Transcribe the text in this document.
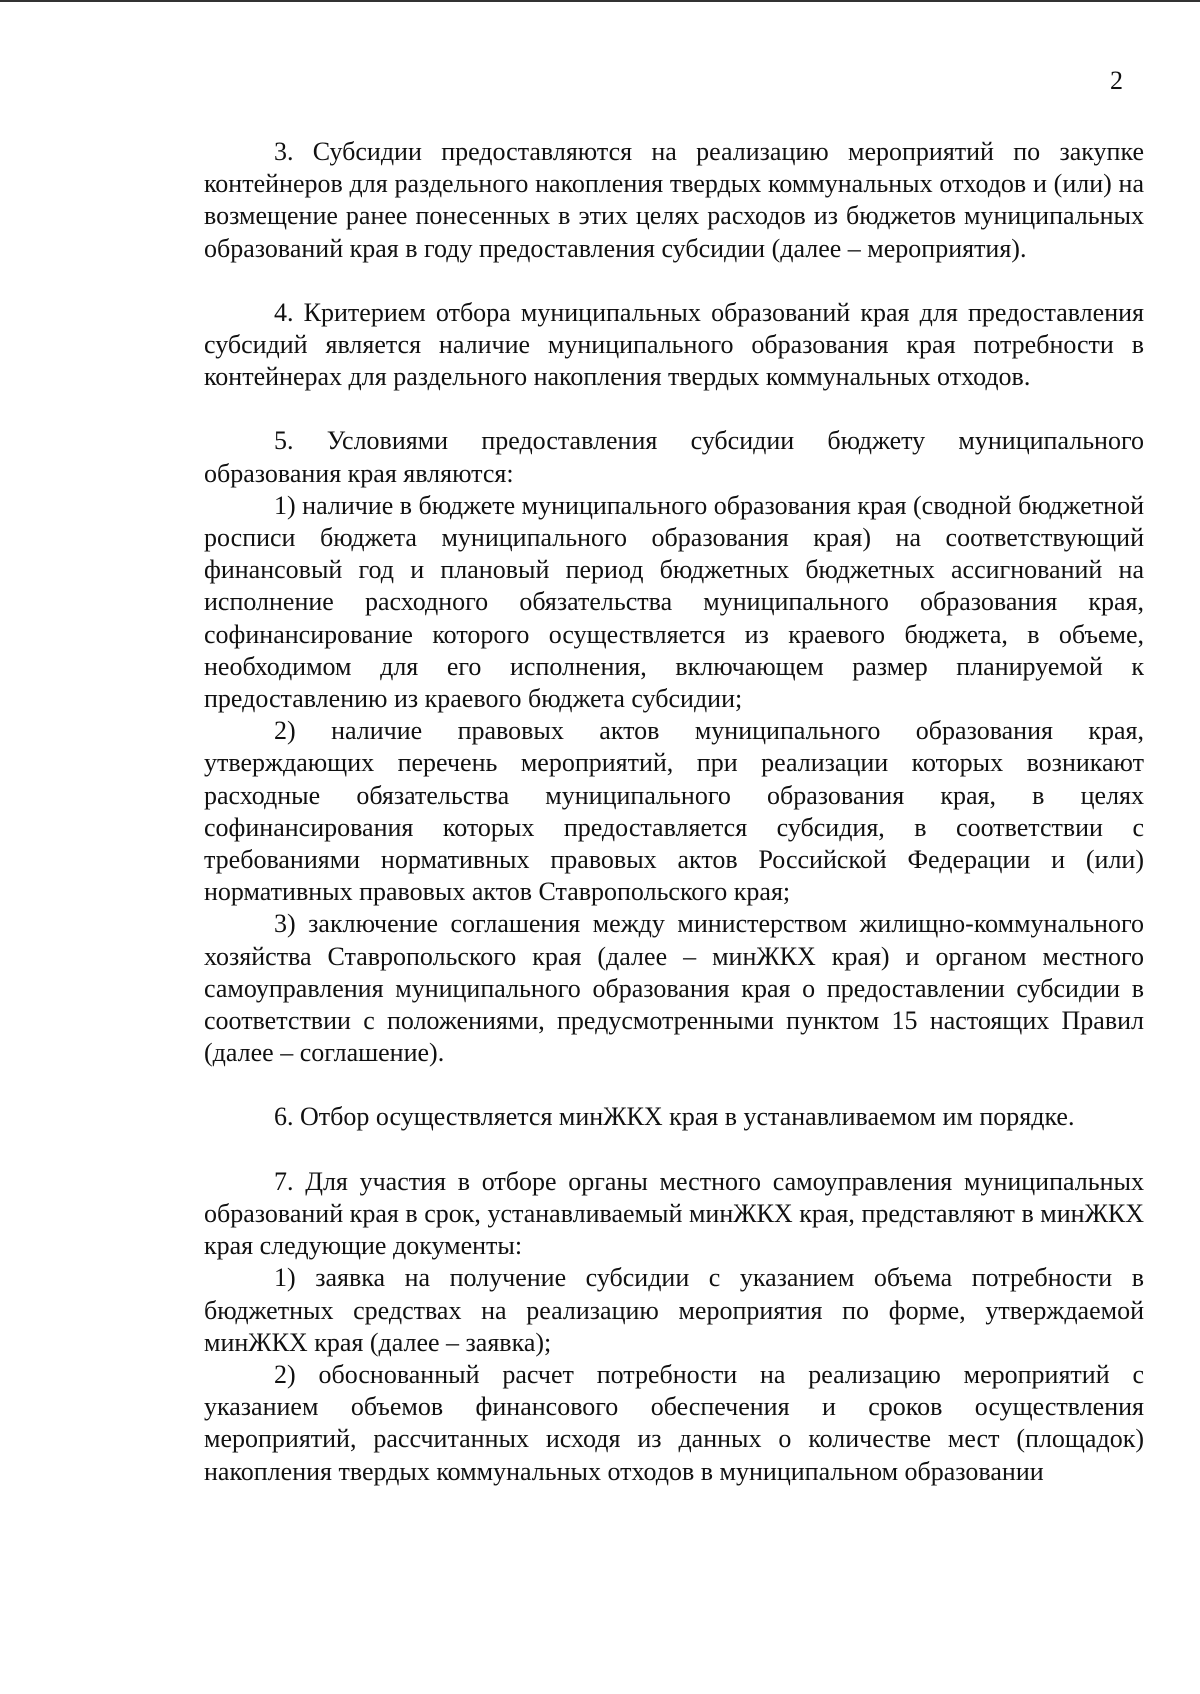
2

3. Субсидии предоставляются на реализацию мероприятий по закупке контейнеров для раздельного накопления твердых коммунальных отходов и (или) на возмещение ранее понесенных в этих целях расходов из бюджетов муниципальных образований края в году предоставления субсидии (далее – мероприятия).

4. Критерием отбора муниципальных образований края для предоставления субсидий является наличие муниципального образования края потребности в контейнерах для раздельного накопления твердых коммунальных отходов.

5. Условиями предоставления субсидии бюджету муниципального образования края являются:

1) наличие в бюджете муниципального образования края (сводной бюджетной росписи бюджета муниципального образования края) на соответствующий финансовый год и плановый период бюджетных бюджетных ассигнований на исполнение расходного обязательства муниципального образования края, софинансирование которого осуществляется из краевого бюджета, в объеме, необходимом для его исполнения, включающем размер планируемой к предоставлению из краевого бюджета субсидии;

2) наличие правовых актов муниципального образования края, утверждающих перечень мероприятий, при реализации которых возникают расходные обязательства муниципального образования края, в целях софинансирования которых предоставляется субсидия, в соответствии с требованиями нормативных правовых актов Российской Федерации и (или) нормативных правовых актов Ставропольского края;

3) заключение соглашения между министерством жилищно-коммунального хозяйства Ставропольского края (далее – минЖКХ края) и органом местного самоуправления муниципального образования края о предоставлении субсидии в соответствии с положениями, предусмотренными пунктом 15 настоящих Правил (далее – соглашение).

6. Отбор осуществляется минЖКХ края в устанавливаемом им порядке.

7. Для участия в отборе органы местного самоуправления муниципальных образований края в срок, устанавливаемый минЖКХ края, представляют в минЖКХ края следующие документы:

1) заявка на получение субсидии с указанием объема потребности в бюджетных средствах на реализацию мероприятия по форме, утверждаемой минЖКХ края (далее – заявка);

2) обоснованный расчет потребности на реализацию мероприятий с указанием объемов финансового обеспечения и сроков осуществления мероприятий, рассчитанных исходя из данных о количестве мест (площадок) накопления твердых коммунальных отходов в муниципальном образовании
